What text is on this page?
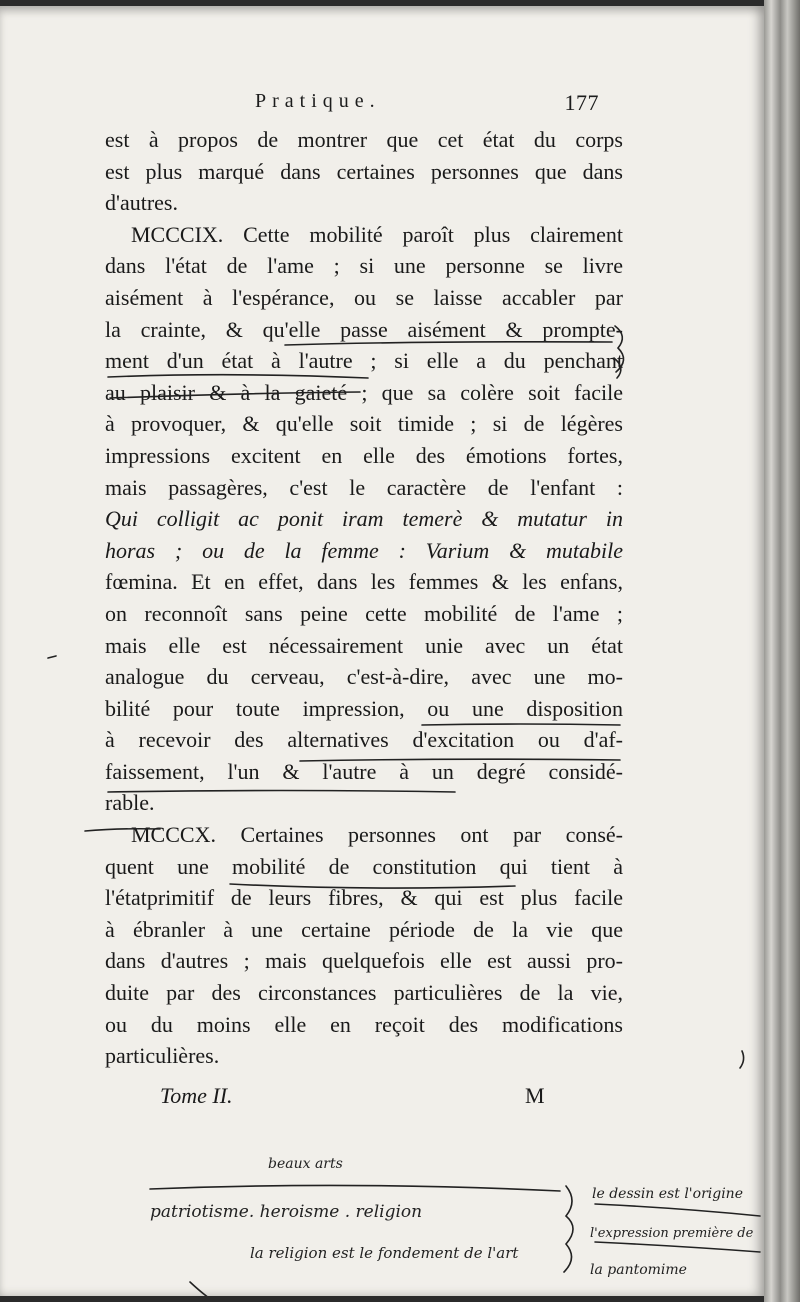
Pratique.	177
est à propos de montrer que cet état du corps
est plus marqué dans certaines personnes que dans
d'autres.
MCCCIX. Cette mobilité paroît plus clairement
dans l'état de l'ame ; si une personne se livre
aisément à l'espérance, ou se laisse accabler par
la crainte, & qu'elle passe aisément & prompte-
ment d'un état à l'autre ; si elle a du penchant
au plaisir & à la gaieté ; que sa colère soit facile
à provoquer, & qu'elle soit timide ; si de légères
impressions excitent en elle des émotions fortes,
mais passagères, c'est le caractère de l'enfant :
Qui colligit ac ponit iram temerè & mutatur in
horas ; ou de la femme : Varium & mutabile
fœmina. Et en effet, dans les femmes & les enfans,
on reconnoît sans peine cette mobilité de l'ame ;
mais elle est nécessairement unie avec un état
analogue du cerveau, c'est-à-dire, avec une mo-
bilité pour toute impression, ou une disposition
à recevoir des alternatives d'excitation ou d'af-
faissement, l'un & l'autre à un degré considé-
rable.
MCCCX. Certaines personnes ont par consé-
quent une mobilité de constitution qui tient à
l'étatprimitif de leurs fibres, & qui est plus facile
à ébranler à une certaine période de la vie que
dans d'autres ; mais quelquefois elle est aussi pro-
duite par des circonstances particulières de la vie,
ou du moins elle en reçoit des modifications
particulières.
Tome II.	M
beaux arts
patriotisme. heroisme . religion
la religion est le fondement de l'art
le dessin est l'origine
l'expression première de
la pantomime
